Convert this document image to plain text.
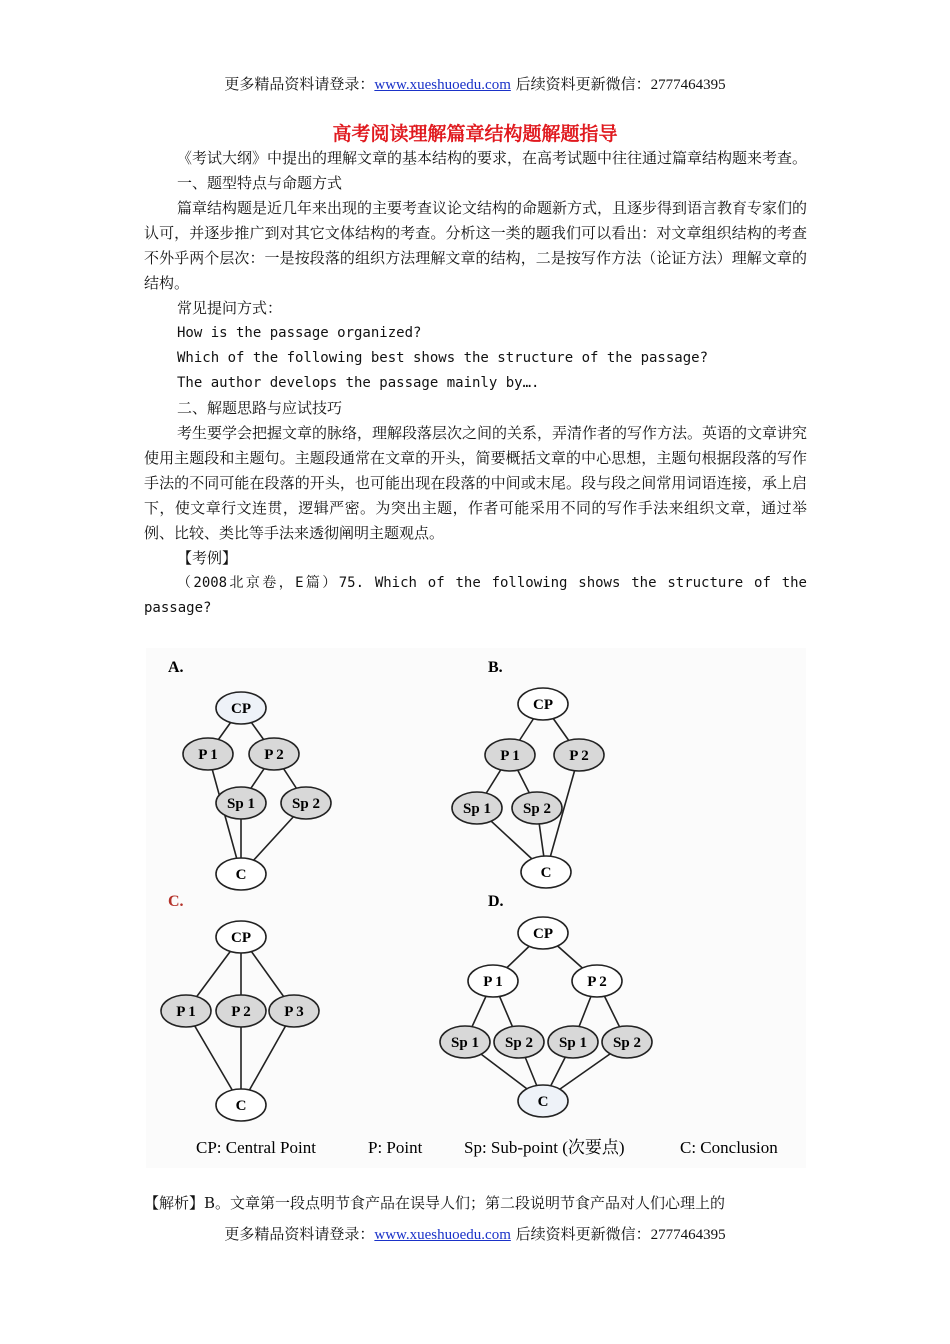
更多精品资料请登录：www.xueshuoedu.com 后续资料更新微信：2777464395
高考阅读理解篇章结构题解题指导

《考试大纲》中提出的理解文章的基本结构的要求，在高考试题中往往通过篇章结构题来考查。

一、题型特点与命题方式

篇章结构题是近几年来出现的主要考查议论文结构的命题新方式，且逐步得到语言教育专家们的认可，并逐步推广到对其它文体结构的考查。分析这一类的题我们可以看出：对文章组织结构的考查不外乎两个层次：一是按段落的组织方法理解文章的结构，二是按写作方法（论证方法）理解文章的结构。

常见提问方式：

How is the passage organized?

Which of the following best shows the structure of the passage?

The author develops the passage mainly by….

二、解题思路与应试技巧

考生要学会把握文章的脉络，理解段落层次之间的关系，弄清作者的写作方法。英语的文章讲究使用主题段和主题句。主题段通常在文章的开头，简要概括文章的中心思想，主题句根据段落的写作手法的不同可能在段落的开头，也可能出现在段落的中间或末尾。段与段之间常用词语连接，承上启下，使文章行文连贯，逻辑严密。为突出主题，作者可能采用不同的写作手法来组织文章，通过举例、比较、类比等手法来透彻阐明主题观点。

【考例】

（2008北京卷，E篇）75. Which of the following shows the structure of the passage?

A.	B.
C.	D.
CP
P 1	P 2
Sp 1 Sp 2
C
CP
P 1	P 2
Sp 1 Sp 2
C
CP
P 1 P 2 P 3
C
CP
P 1	P 2
Sp 1 Sp 2 Sp 1 Sp 2
C
CP: Central Point	P: Point Sp: Sub-point (次要点)	C: Conclusion
【解析】B。文章第一段点明节食产品在误导人们；第二段说明节食产品对人们心理上的
更多精品资料请登录：www.xueshuoedu.com 后续资料更新微信：2777464395
